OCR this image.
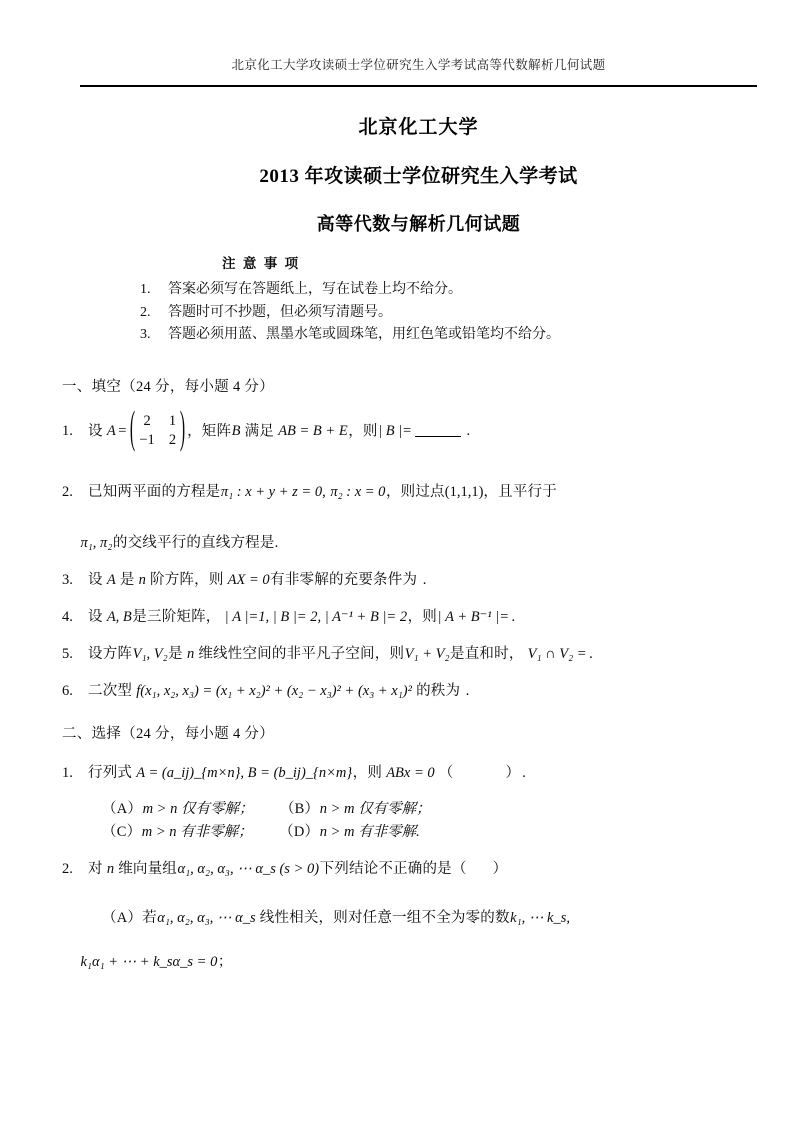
北京化工大学攻读硕士学位研究生入学考试高等代数解析几何试题
北京化工大学
2013 年攻读硕士学位研究生入学考试
高等代数与解析几何试题
注 意 事 项
1.	答案必须写在答题纸上，写在试卷上均不给分。
2.	答题时可不抄题，但必须写清题号。
3.	答题必须用蓝、黑墨水笔或圆珠笔，用红色笔或铅笔均不给分。
一、填空（24 分，每小题 4 分）
1.	设 A = ( 2 1
−1 2 ) ，矩阵B 满足 AB = B + E，则| B |=	.
2.	已知两平面的方程是π₁ : x + y + z = 0, π₂ : x = 0，则过点(1,1,1)，且平行于
π₁, π₂的交线平行的直线方程是.
3.	设 A 是 n 阶方阵，则 AX = 0有非零解的充要条件为 .
4.	设 A, B是三阶矩阵， | A |=1, | B |= 2, | A⁻¹ + B |= 2，则| A + B⁻¹ |= .
5.	设方阵V₁, V₂是 n 维线性空间的非平凡子空间，则V₁ + V₂是直和时， V₁ ∩ V₂ = .
6.	二次型 f(x₁, x₂, x₃) = (x₁ + x₂)² + (x₂ − x₃)² + (x₃ + x₁)² 的秩为 .
二、选择（24 分，每小题 4 分）
1.	行列式 A = (a_ij)_{m×n}, B = (b_ij)_{n×m}，则 ABx = 0 （	） .
（A）m > n 仅有零解； （B）n > m 仅有零解；
（C）m > n 有非零解； （D）n > m 有非零解.
2.	对 n 维向量组α₁, α₂, α₃, ⋯ α_s (s > 0)下列结论不正确的是（ ）
（A）若α₁, α₂, α₃, ⋯ α_s 线性相关，则对任意一组不全为零的数k₁, ⋯ k_s,
k₁α₁ + ⋯ + k_sα_s = 0；
